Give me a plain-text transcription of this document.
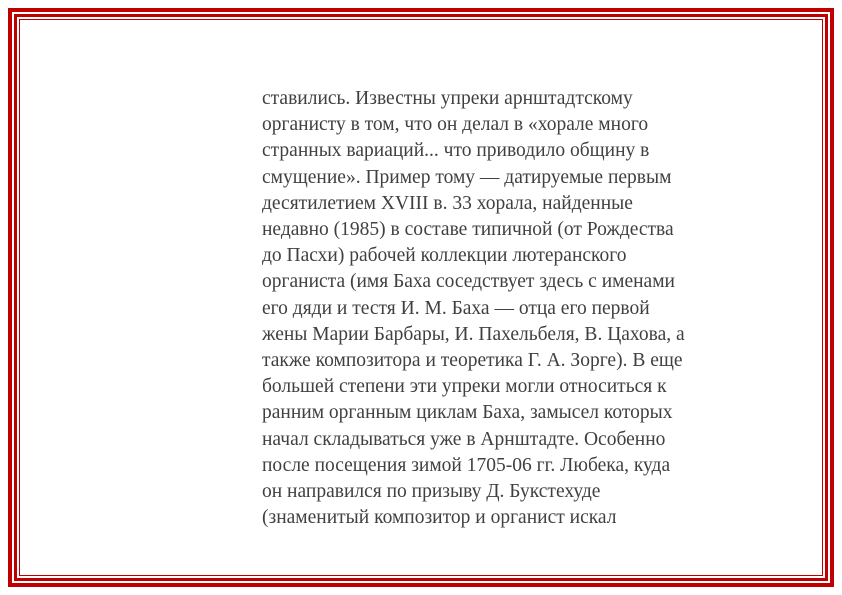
ставились. Известны упреки арнштадтскому
органисту в том, что он делал в «хорале много
странных вариаций... что приводило общину в
смущение». Пример тому — датируемые первым
десятилетием XVIII в. 33 хорала, найденные
недавно (1985) в составе типичной (от Рождества
до Пасхи) рабочей коллекции лютеранского
органиста (имя Баха соседствует здесь с именами
его дяди и тестя И. М. Баха — отца его первой
жены Марии Барбары, И. Пахельбеля, В. Цахова, а
также композитора и теоретика Г. А. Зорге). В еще
большей степени эти упреки могли относиться к
ранним органным циклам Баха, замысел которых
начал складываться уже в Арнштадте. Особенно
после посещения зимой 1705-06 гг. Любека, куда
он направился по призыву Д. Букстехуде
(знаменитый композитор и органист искал
